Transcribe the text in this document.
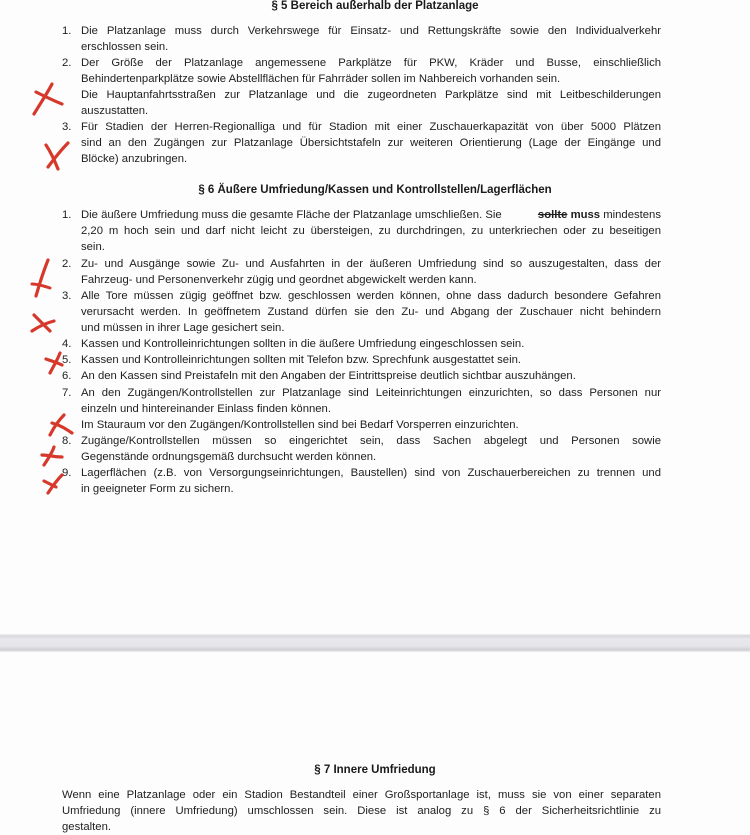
§ 5 Bereich außerhalb der Platzanlage
1. Die Platzanlage muss durch Verkehrswege für Einsatz- und Rettungskräfte sowie den Individualverkehr
erschlossen sein.
2. Der Größe der Platzanlage angemessene Parkplätze für PKW, Kräder und Busse, einschließlich
Behindertenparkplätze sowie Abstellflächen für Fahrräder sollen im Nahbereich vorhanden sein.
Die Hauptanfahrtsstraßen zur Platzanlage und die zugeordneten Parkplätze sind mit Leitbeschilderungen
auszustatten.
3. Für Stadien der Herren-Regionalliga und für Stadion mit einer Zuschauerkapazität von über 5000 Plätzen
sind an den Zugängen zur Platzanlage Übersichtstafeln zur weiteren Orientierung (Lage der Eingänge und
Blöcke) anzubringen.
§ 6 Äußere Umfriedung/Kassen und Kontrollstellen/Lagerflächen
1. Die äußere Umfriedung muss die gesamte Fläche der Platzanlage umschließen. Sie	sollte muss mindestens
2,20 m hoch sein und darf nicht leicht zu übersteigen, zu durchdringen, zu unterkriechen oder zu beseitigen
sein.
2. Zu- und Ausgänge sowie Zu- und Ausfahrten in der äußeren Umfriedung sind so auszugestalten, dass der
Fahrzeug- und Personenverkehr zügig und geordnet abgewickelt werden kann.
3. Alle Tore müssen zügig geöffnet bzw. geschlossen werden können, ohne dass dadurch besondere Gefahren
verursacht werden. In geöffnetem Zustand dürfen sie den Zu- und Abgang der Zuschauer nicht behindern
und müssen in ihrer Lage gesichert sein.
4. Kassen und Kontrolleinrichtungen sollten in die äußere Umfriedung eingeschlossen sein.
5. Kassen und Kontrolleinrichtungen sollten mit Telefon bzw. Sprechfunk ausgestattet sein.
6. An den Kassen sind Preistafeln mit den Angaben der Eintrittspreise deutlich sichtbar auszuhängen.
7. An den Zugängen/Kontrollstellen zur Platzanlage sind Leiteinrichtungen einzurichten, so dass Personen nur
einzeln und hintereinander Einlass finden können.
Im Stauraum vor den Zugängen/Kontrollstellen sind bei Bedarf Vorsperren einzurichten.
8. Zugänge/Kontrollstellen müssen so eingerichtet sein, dass Sachen abgelegt und Personen sowie
Gegenstände ordnungsgemäß durchsucht werden können.
9. Lagerflächen (z.B. von Versorgungseinrichtungen, Baustellen) sind von Zuschauerbereichen zu trennen und
in geeigneter Form zu sichern.
§ 7 Innere Umfriedung
Wenn eine Platzanlage oder ein Stadion Bestandteil einer Großsportanlage ist, muss sie von einer separaten
Umfriedung (innere Umfriedung) umschlossen sein. Diese ist analog zu § 6 der Sicherheitsrichtlinie zu
gestalten.
